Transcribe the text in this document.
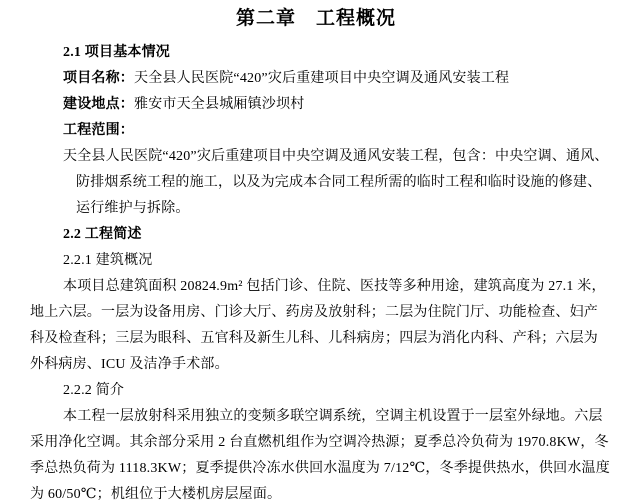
第二章　工程概况
2.1 项目基本情况
项目名称：天全县人民医院“420”灾后重建项目中央空调及通风安装工程
建设地点：雅安市天全县城厢镇沙坝村
工程范围：
天全县人民医院“420”灾后重建项目中央空调及通风安装工程，包含：中央空调、通风、
防排烟系统工程的施工，以及为完成本合同工程所需的临时工程和临时设施的修建、
运行维护与拆除。
2.2 工程简述
2.2.1 建筑概况
本项目总建筑面积 20824.9m² 包括门诊、住院、医技等多种用途，建筑高度为 27.1 米，
地上六层。一层为设备用房、门诊大厅、药房及放射科；二层为住院门厅、功能检查、妇产
科及检查科；三层为眼科、五官科及新生儿科、儿科病房；四层为消化内科、产科；六层为
外科病房、ICU 及洁净手术部。
2.2.2 简介
本工程一层放射科采用独立的变频多联空调系统，空调主机设置于一层室外绿地。六层
采用净化空调。其余部分采用 2 台直燃机组作为空调冷热源；夏季总冷负荷为 1970.8KW，冬
季总热负荷为 1118.3KW；夏季提供冷冻水供回水温度为 7/12℃，冬季提供热水，供回水温度
为 60/50℃；机组位于大楼机房层屋面。
